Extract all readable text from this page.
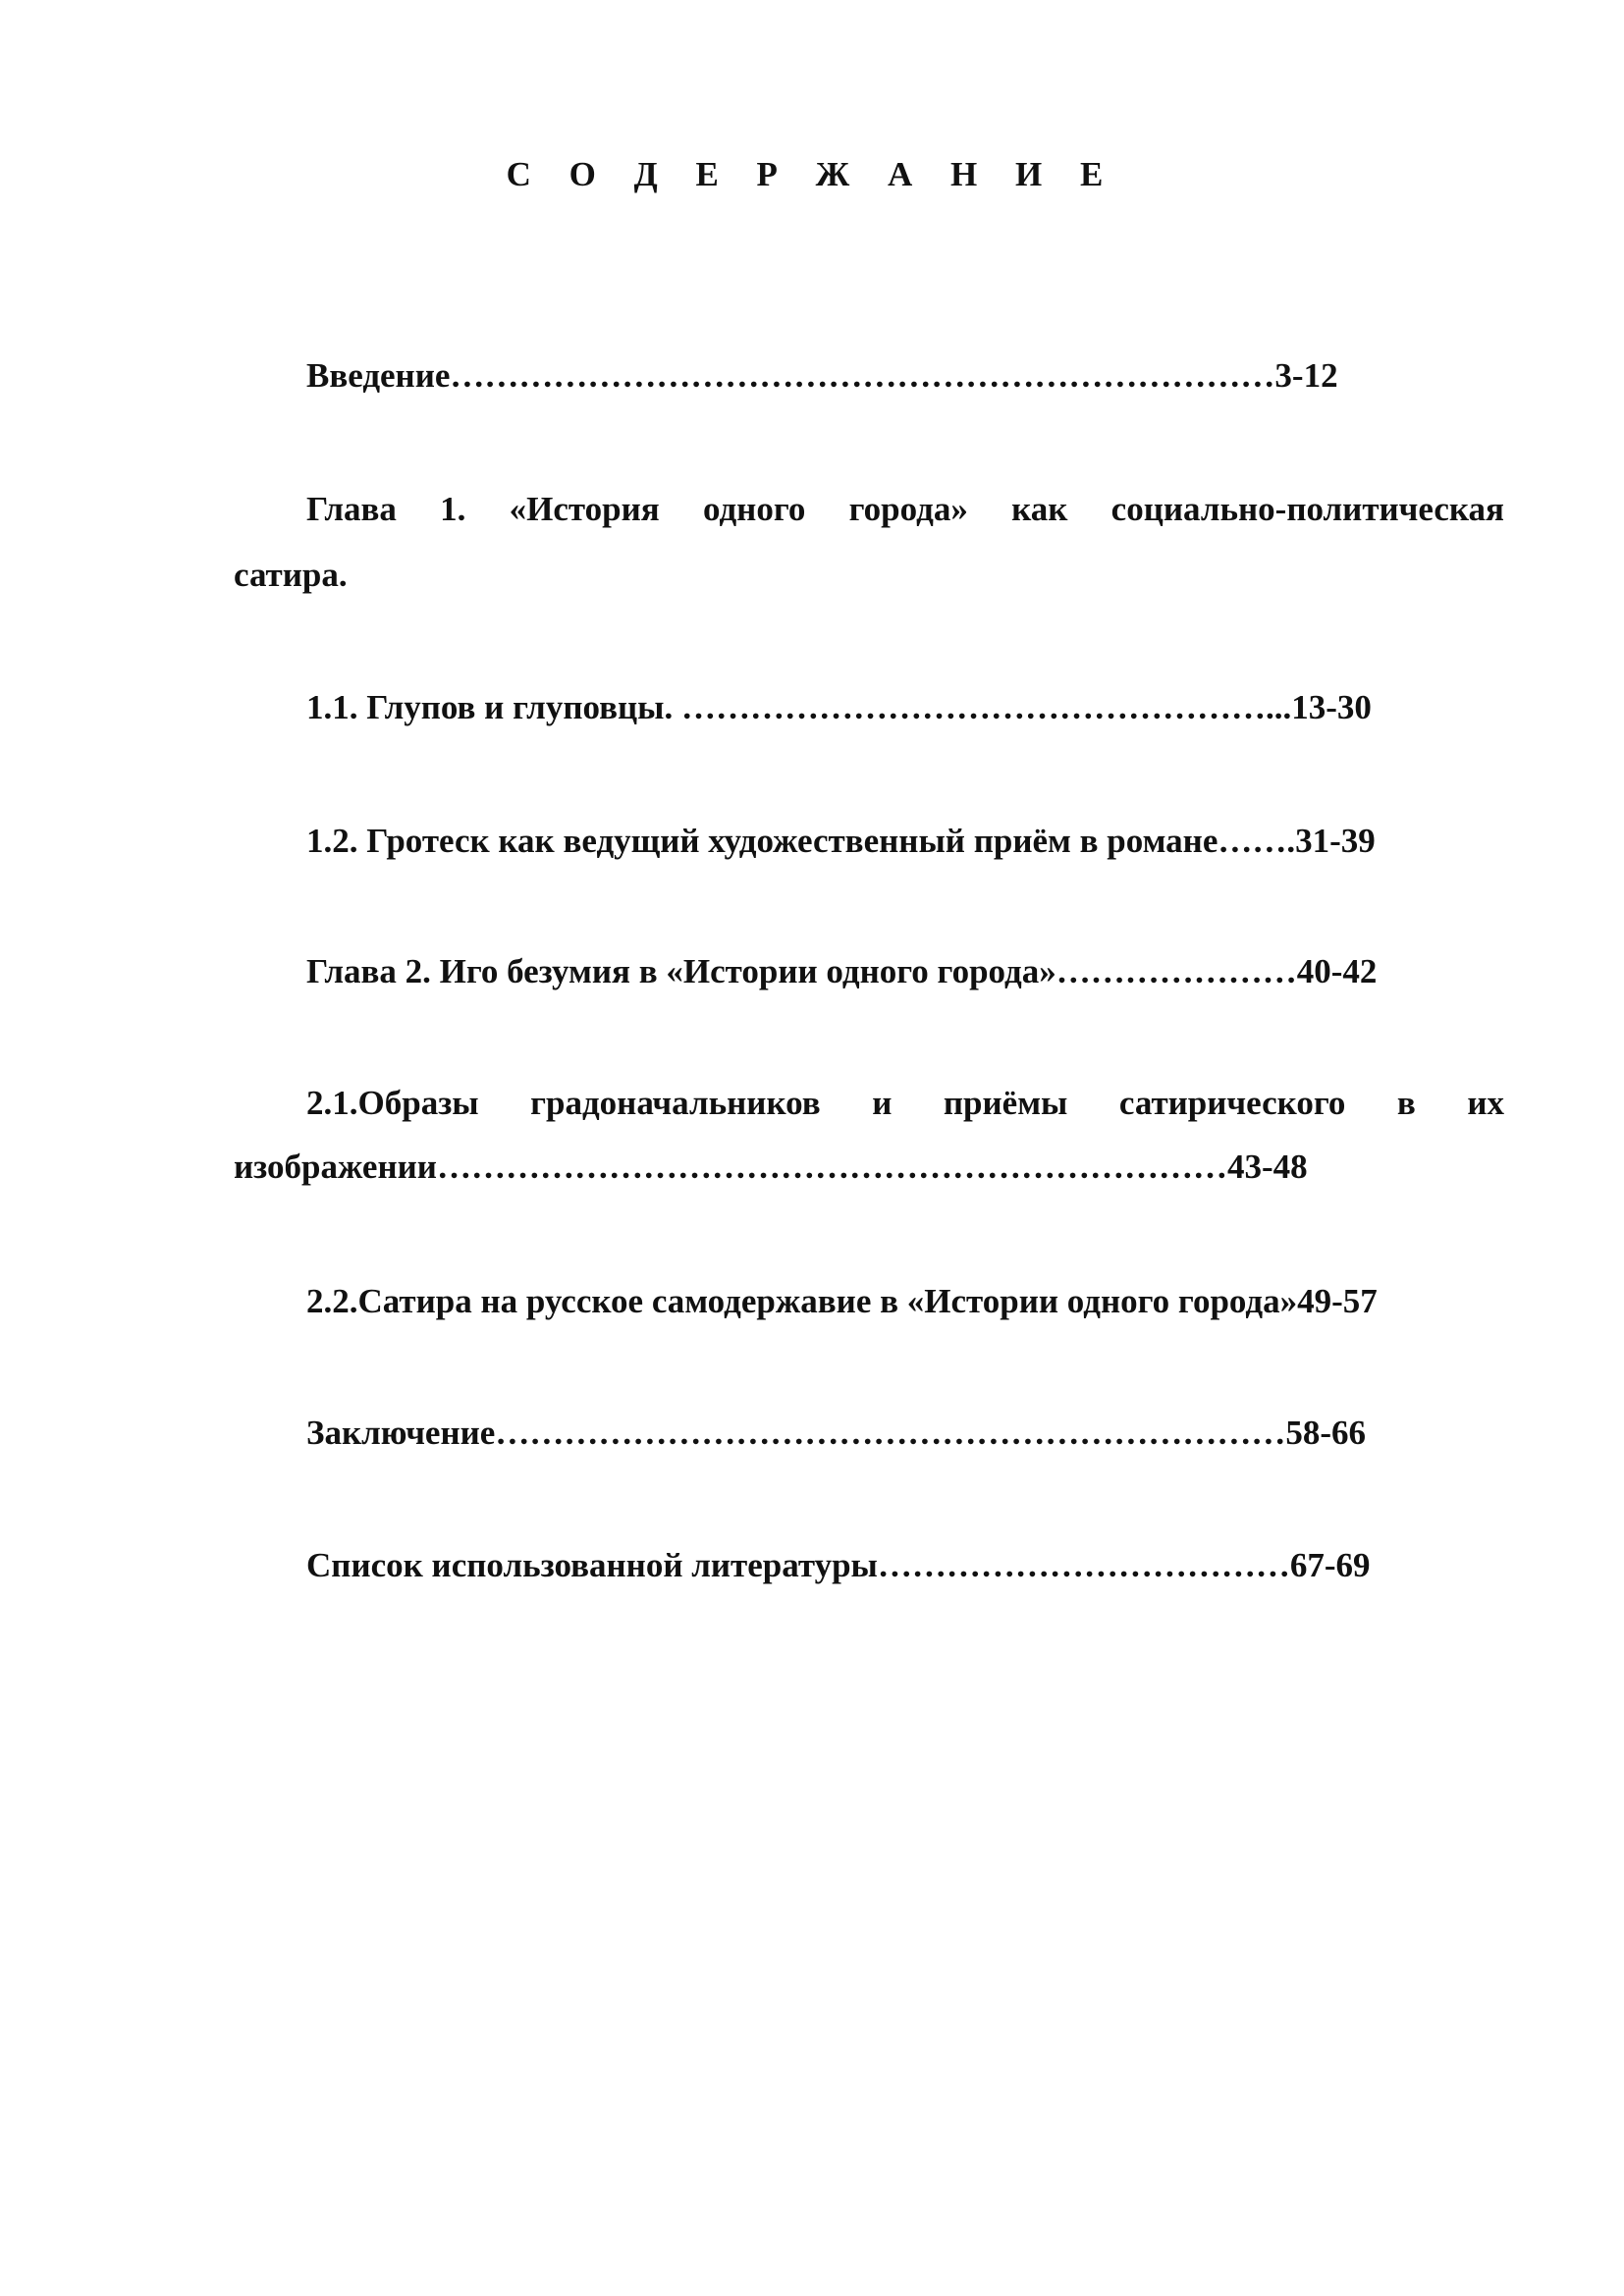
С О Д Е Р Ж А Н И Е
Введение………………………………………………………………3-12
Глава 1. «История одного города» как социально-политическая
сатира.
1.1. Глупов и глуповцы. ……………………………………………...13-30
1.2. Гротеск как ведущий художественный приём в романе…….31-39
Глава 2. Иго безумия в «Истории одного города»…………………40-42
2.1.Образы градоначальников и приёмы сатирического в их
изображении……………………………………………………………43-48
2.2.Сатира на русское самодержавие в «Истории одного города»49-57
Заключение……………………………………………………………58-66
Список использованной литературы………………………………67-69
